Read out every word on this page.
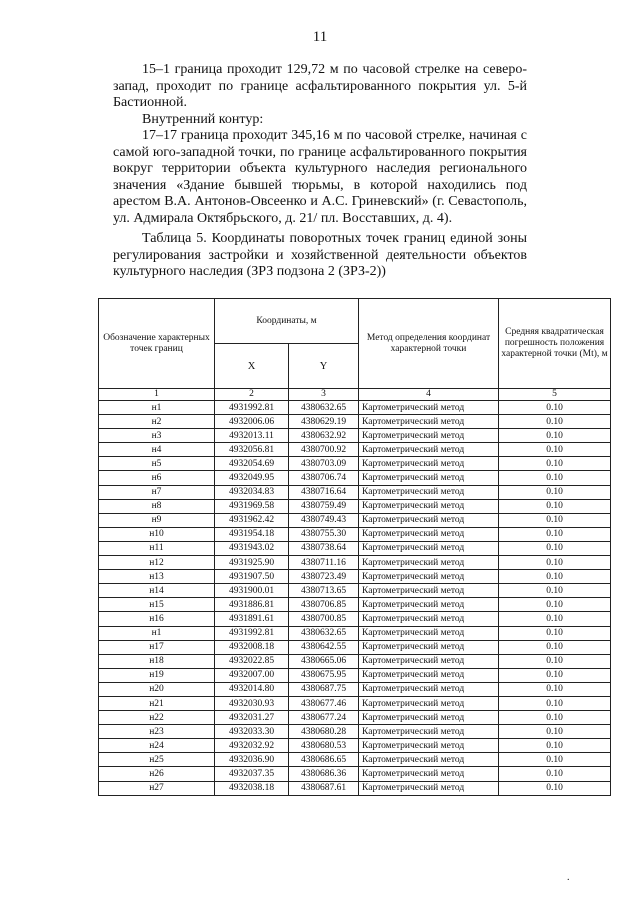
11

15–1 граница проходит 129,72 м по часовой стрелке на северо-запад, проходит по границе асфальтированного покрытия ул. 5-й Бастионной.

Внутренний контур:

17–17 граница проходит 345,16 м по часовой стрелке, начиная с самой юго-западной точки, по границе асфальтированного покрытия вокруг территории объекта культурного наследия регионального значения «Здание бывшей тюрьмы, в которой находились под арестом В.А. Антонов-Овсеенко и А.С. Гриневский» (г. Севастополь, ул. Адмирала Октябрьского, д. 21/ пл. Восставших, д. 4).

Таблица 5. Координаты поворотных точек границ единой зоны регулирования застройки и хозяйственной деятельности объектов культурного наследия (ЗРЗ подзона 2 (ЗРЗ-2))

Обозначение характерных точек границ	Координаты, м		Метод определения координат характерной точки	Средняя квадратическая погрешность положения характерной точки (Mt), м
	X	Y		
1	2	3	4	5
н1	4931992.81	4380632.65	Картометрический метод	0.10
н2	4932006.06	4380629.19	Картометрический метод	0.10
н3	4932013.11	4380632.92	Картометрический метод	0.10
н4	4932056.81	4380700.92	Картометрический метод	0.10
н5	4932054.69	4380703.09	Картометрический метод	0.10
н6	4932049.95	4380706.74	Картометрический метод	0.10
н7	4932034.83	4380716.64	Картометрический метод	0.10
н8	4931969.58	4380759.49	Картометрический метод	0.10
н9	4931962.42	4380749.43	Картометрический метод	0.10
н10	4931954.18	4380755.30	Картометрический метод	0.10
н11	4931943.02	4380738.64	Картометрический метод	0.10
н12	4931925.90	4380711.16	Картометрический метод	0.10
н13	4931907.50	4380723.49	Картометрический метод	0.10
н14	4931900.01	4380713.65	Картометрический метод	0.10
н15	4931886.81	4380706.85	Картометрический метод	0.10
н16	4931891.61	4380700.85	Картометрический метод	0.10
н1	4931992.81	4380632.65	Картометрический метод	0.10
н17	4932008.18	4380642.55	Картометрический метод	0.10
н18	4932022.85	4380665.06	Картометрический метод	0.10
н19	4932007.00	4380675.95	Картометрический метод	0.10
н20	4932014.80	4380687.75	Картометрический метод	0.10
н21	4932030.93	4380677.46	Картометрический метод	0.10
н22	4932031.27	4380677.24	Картометрический метод	0.10
н23	4932033.30	4380680.28	Картометрический метод	0.10
н24	4932032.92	4380680.53	Картометрический метод	0.10
н25	4932036.90	4380686.65	Картометрический метод	0.10
н26	4932037.35	4380686.36	Картометрический метод	0.10
н27	4932038.18	4380687.61	Картометрический метод	0.10
.
